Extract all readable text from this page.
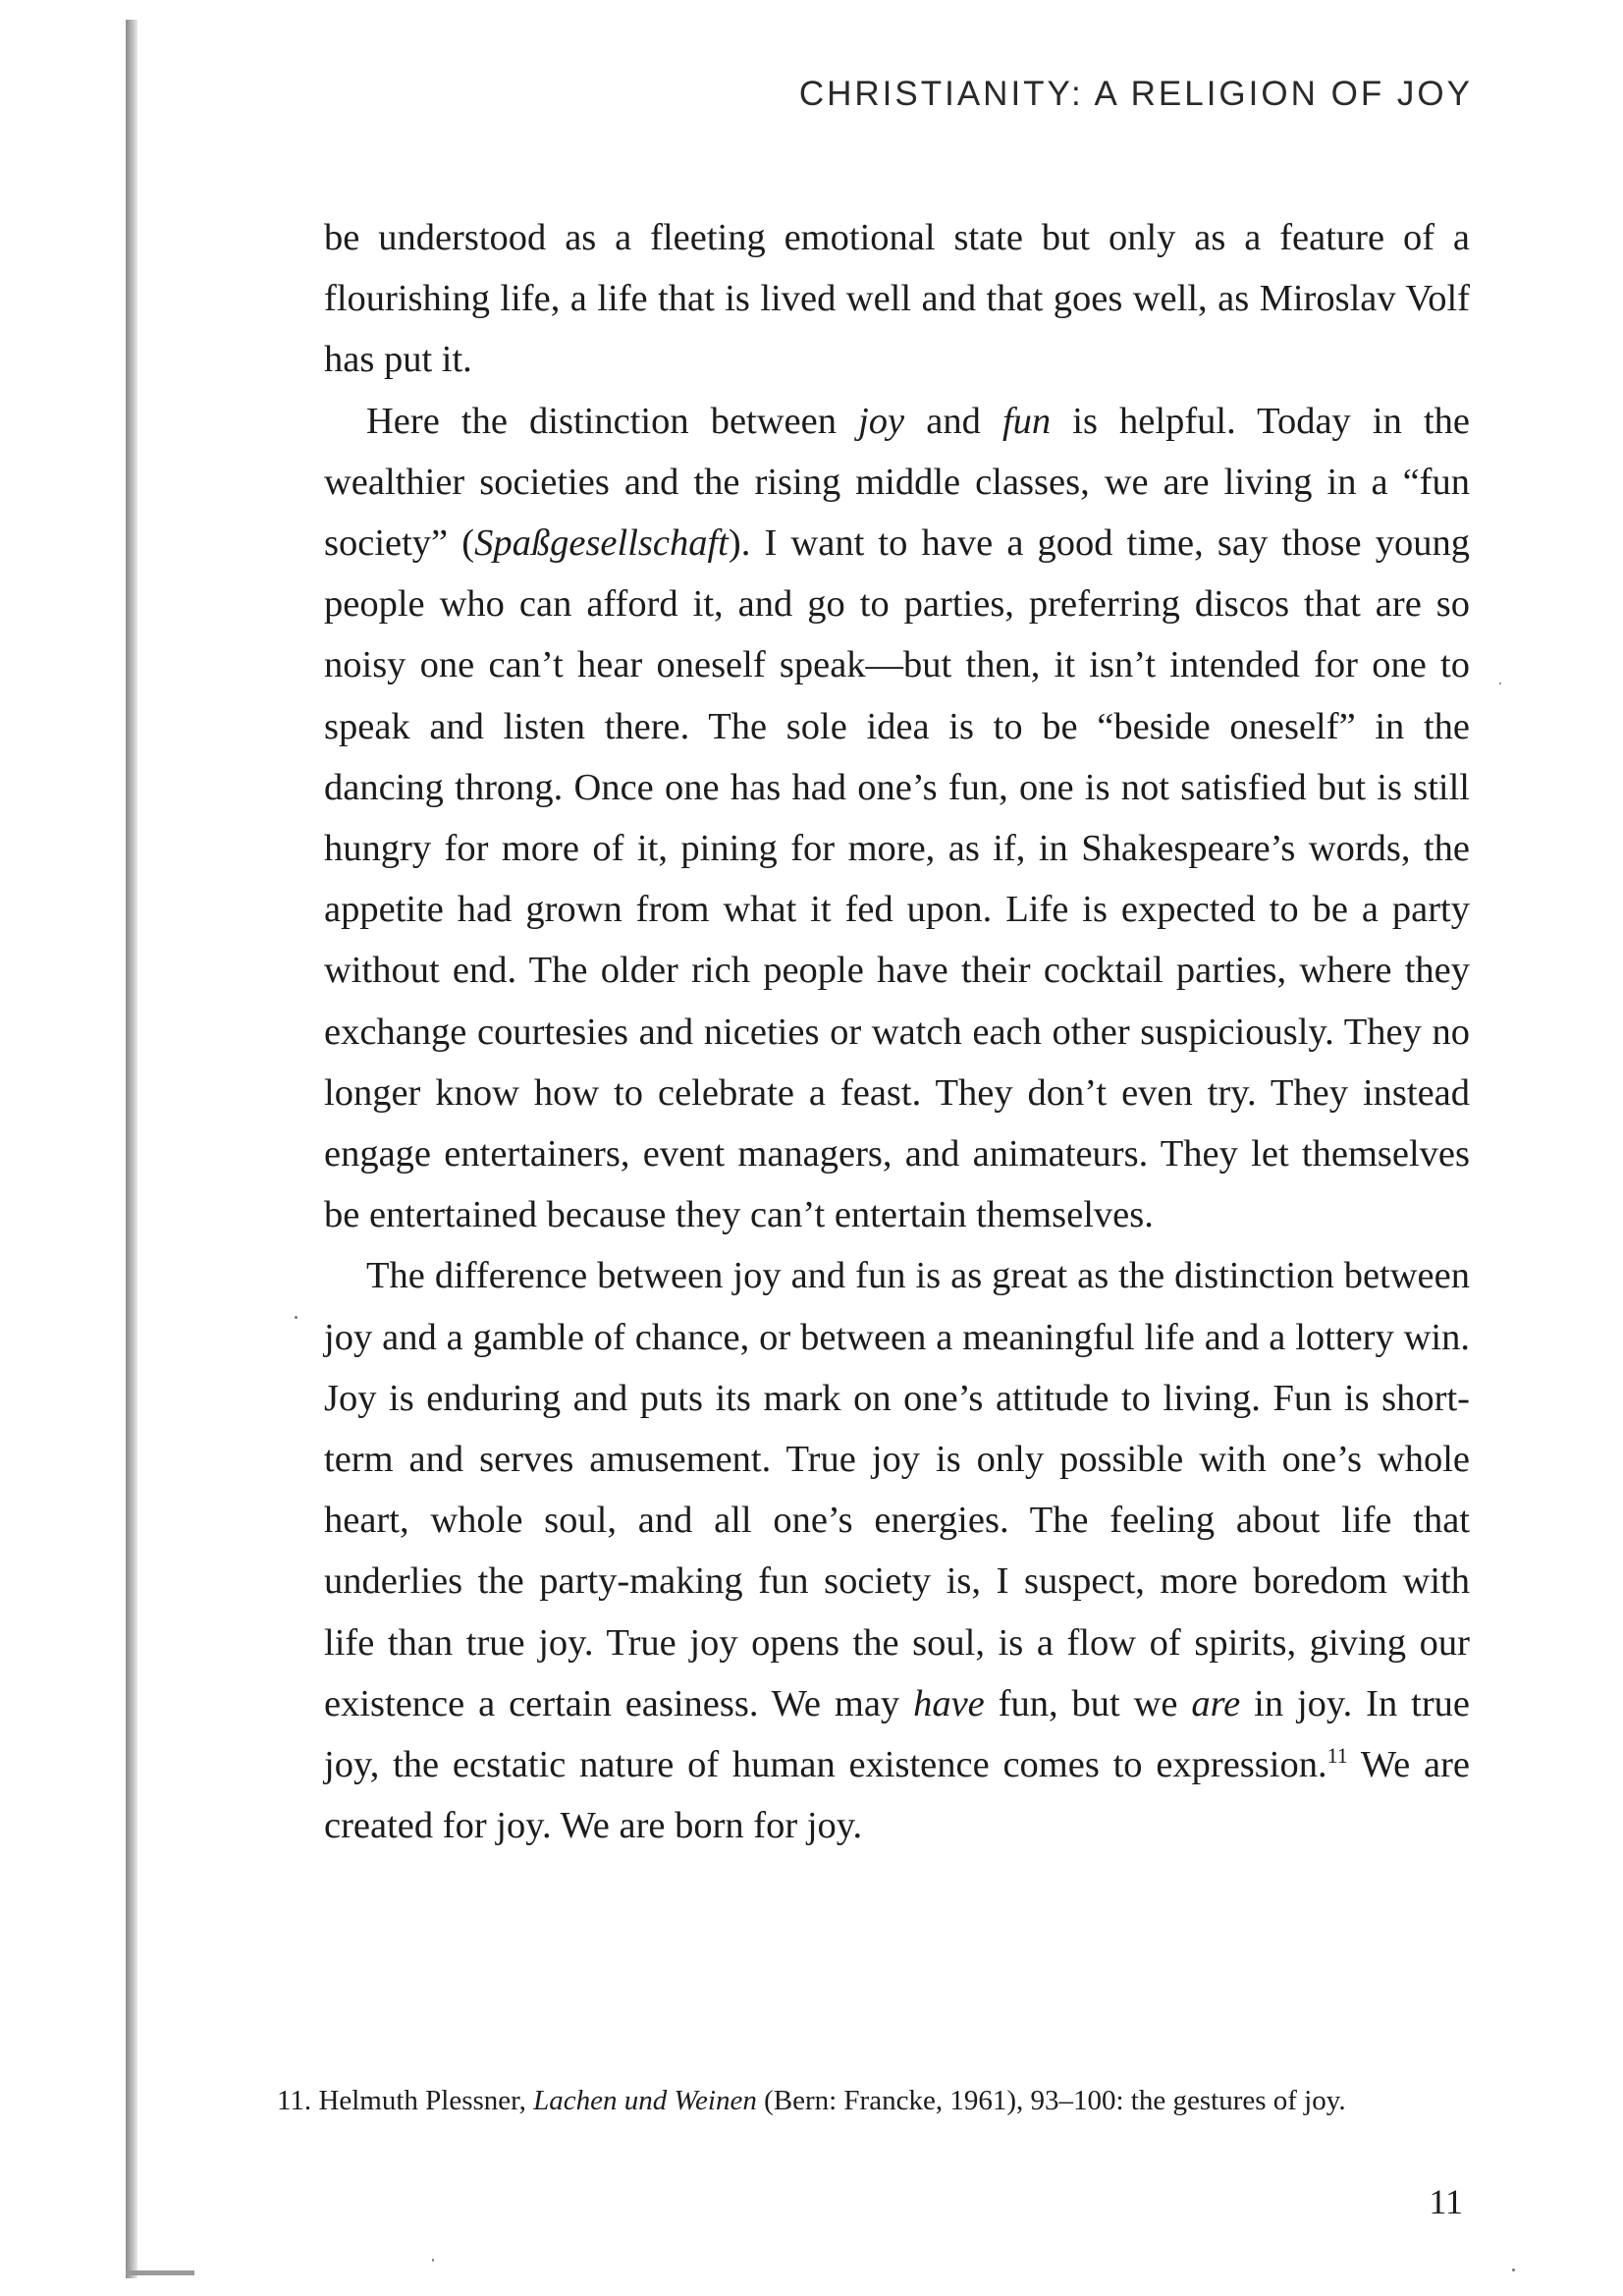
CHRISTIANITY: A RELIGION OF JOY

be understood as a fleeting emotional state but only as a feature of a flourishing life, a life that is lived well and that goes well, as Miroslav Volf has put it.

Here the distinction between joy and fun is helpful. Today in the wealthier societies and the rising middle classes, we are living in a “fun society” (Spaßgesellschaft). I want to have a good time, say those young people who can afford it, and go to parties, preferring discos that are so noisy one can’t hear oneself speak—but then, it isn’t intended for one to speak and listen there. The sole idea is to be “beside oneself” in the dancing throng. Once one has had one’s fun, one is not satisfied but is still hungry for more of it, pining for more, as if, in Shakespeare’s words, the appetite had grown from what it fed upon. Life is expected to be a party without end. The older rich people have their cocktail parties, where they exchange courtesies and niceties or watch each other suspiciously. They no longer know how to celebrate a feast. They don’t even try. They instead engage entertainers, event managers, and animateurs. They let themselves be entertained because they can’t entertain themselves.

The difference between joy and fun is as great as the distinction between joy and a gamble of chance, or between a meaningful life and a lottery win. Joy is enduring and puts its mark on one’s attitude to living. Fun is short-term and serves amusement. True joy is only possible with one’s whole heart, whole soul, and all one’s energies. The feeling about life that underlies the party-making fun society is, I suspect, more boredom with life than true joy. True joy opens the soul, is a flow of spirits, giving our existence a certain easiness. We may have fun, but we are in joy. In true joy, the ecstatic nature of human existence comes to expression.$^{11}$ We are created for joy. We are born for joy.

11. Helmuth Plessner, Lachen und Weinen (Bern: Francke, 1961), 93–100: the gestures of joy.
11
